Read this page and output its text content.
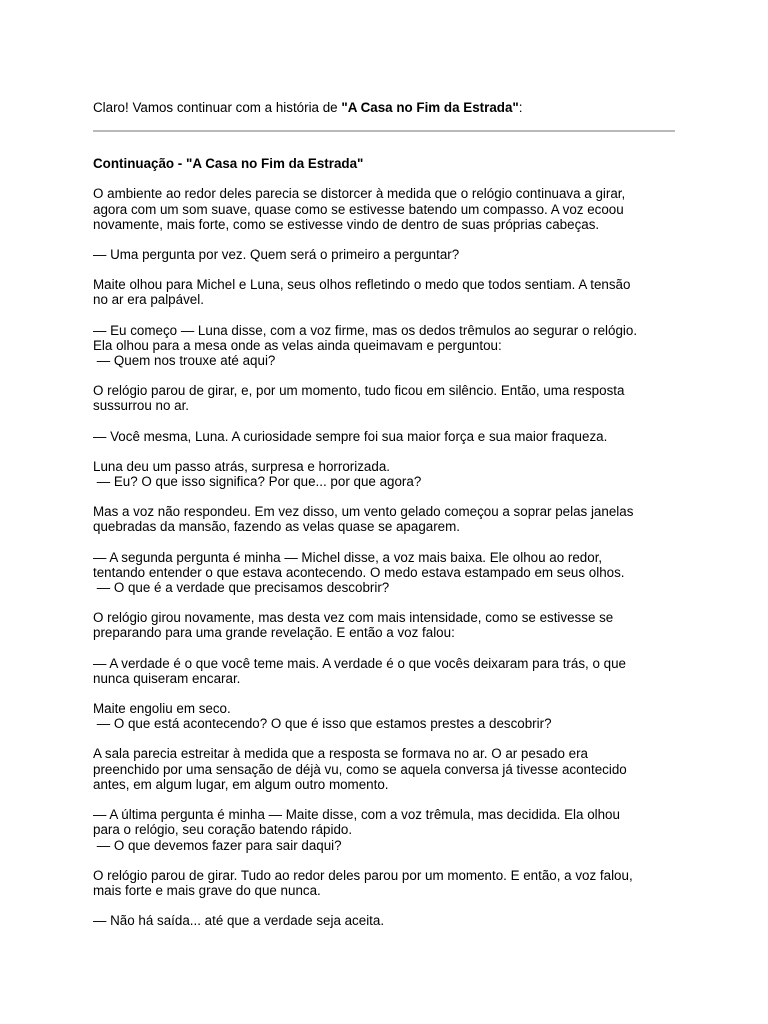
Claro! Vamos continuar com a história de "A Casa no Fim da Estrada":

Continuação - "A Casa no Fim da Estrada"

O ambiente ao redor deles parecia se distorcer à medida que o relógio continuava a girar,
agora com um som suave, quase como se estivesse batendo um compasso. A voz ecoou
novamente, mais forte, como se estivesse vindo de dentro de suas próprias cabeças.

— Uma pergunta por vez. Quem será o primeiro a perguntar?

Maite olhou para Michel e Luna, seus olhos refletindo o medo que todos sentiam. A tensão
no ar era palpável.

— Eu começo — Luna disse, com a voz firme, mas os dedos trêmulos ao segurar o relógio.
Ela olhou para a mesa onde as velas ainda queimavam e perguntou:
— Quem nos trouxe até aqui?

O relógio parou de girar, e, por um momento, tudo ficou em silêncio. Então, uma resposta
sussurrou no ar.

— Você mesma, Luna. A curiosidade sempre foi sua maior força e sua maior fraqueza.

Luna deu um passo atrás, surpresa e horrorizada.
— Eu? O que isso significa? Por que... por que agora?

Mas a voz não respondeu. Em vez disso, um vento gelado começou a soprar pelas janelas
quebradas da mansão, fazendo as velas quase se apagarem.

— A segunda pergunta é minha — Michel disse, a voz mais baixa. Ele olhou ao redor,
tentando entender o que estava acontecendo. O medo estava estampado em seus olhos.
— O que é a verdade que precisamos descobrir?

O relógio girou novamente, mas desta vez com mais intensidade, como se estivesse se
preparando para uma grande revelação. E então a voz falou:

— A verdade é o que você teme mais. A verdade é o que vocês deixaram para trás, o que
nunca quiseram encarar.

Maite engoliu em seco.
— O que está acontecendo? O que é isso que estamos prestes a descobrir?

A sala parecia estreitar à medida que a resposta se formava no ar. O ar pesado era
preenchido por uma sensação de déjà vu, como se aquela conversa já tivesse acontecido
antes, em algum lugar, em algum outro momento.

— A última pergunta é minha — Maite disse, com a voz trêmula, mas decidida. Ela olhou
para o relógio, seu coração batendo rápido.
— O que devemos fazer para sair daqui?

O relógio parou de girar. Tudo ao redor deles parou por um momento. E então, a voz falou,
mais forte e mais grave do que nunca.

— Não há saída... até que a verdade seja aceita.
